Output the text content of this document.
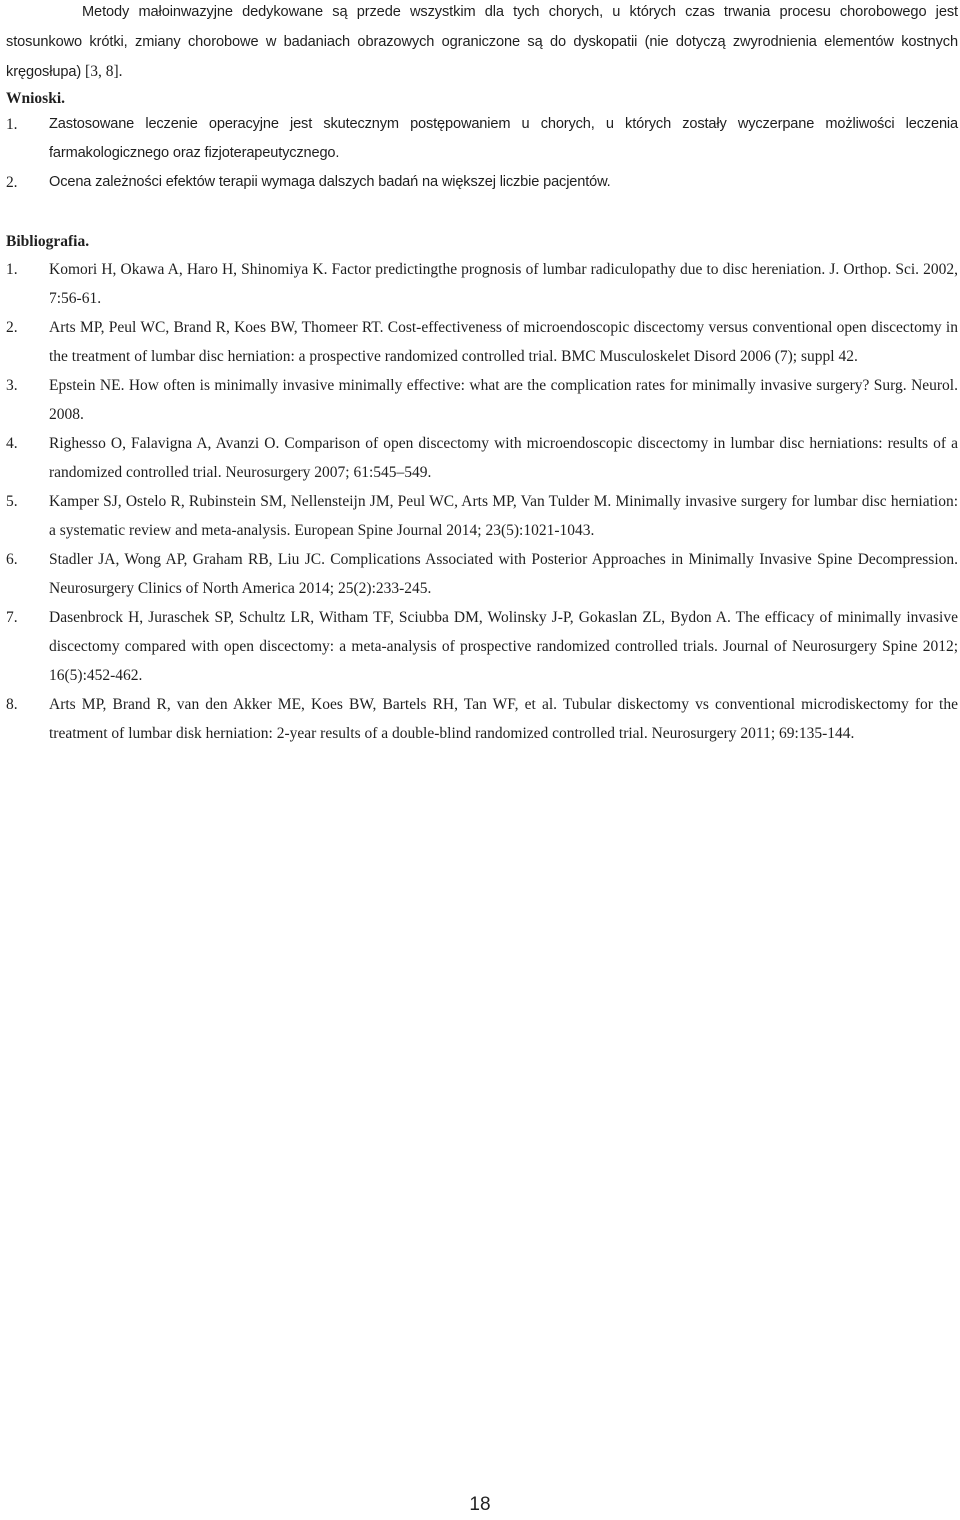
Metody małoinwazyjne dedykowane są przede wszystkim dla tych chorych, u których czas trwania procesu chorobowego jest stosunkowo krótki, zmiany chorobowe w badaniach obrazowych ograniczone są do dyskopatii (nie dotyczą zwyrodnienia elementów kostnych kręgosłupa) [3, 8].
Wnioski.
1.	Zastosowane leczenie operacyjne jest skutecznym postępowaniem u chorych, u których zostały wyczerpane możliwości leczenia farmakologicznego oraz fizjoterapeutycznego.
2.	Ocena zależności efektów terapii wymaga dalszych badań na większej liczbie pacjentów.
Bibliografia.
1.	Komori H, Okawa A, Haro H, Shinomiya K. Factor predictingthe prognosis of lumbar radiculopathy due to disc hereniation. J. Orthop. Sci. 2002, 7:56-61.
2.	Arts MP, Peul WC, Brand R, Koes BW, Thomeer RT. Cost-effectiveness of microendoscopic discectomy versus conventional open discectomy in the treatment of lumbar disc herniation: a prospective randomized controlled trial. BMC Musculoskelet Disord 2006 (7); suppl 42.
3.	Epstein NE. How often is minimally invasive minimally effective: what are the complication rates for minimally invasive surgery? Surg. Neurol. 2008.
4.	Righesso O, Falavigna A, Avanzi O. Comparison of open discectomy with microendoscopic discectomy in lumbar disc herniations: results of a randomized controlled trial. Neurosurgery 2007; 61:545–549.
5.	Kamper SJ, Ostelo R, Rubinstein SM, Nellensteijn JM, Peul WC, Arts MP, Van Tulder M. Minimally invasive surgery for lumbar disc herniation: a systematic review and meta-analysis. European Spine Journal 2014; 23(5):1021-1043.
6.	Stadler JA, Wong AP, Graham RB, Liu JC. Complications Associated with Posterior Approaches in Minimally Invasive Spine Decompression. Neurosurgery Clinics of North America 2014; 25(2):233-245.
7.	Dasenbrock H, Juraschek SP, Schultz LR, Witham TF, Sciubba DM, Wolinsky J-P, Gokaslan ZL, Bydon A. The efficacy of minimally invasive discectomy compared with open discectomy: a meta-analysis of prospective randomized controlled trials. Journal of Neurosurgery Spine 2012; 16(5):452-462.
8.	Arts MP, Brand R, van den Akker ME, Koes BW, Bartels RH, Tan WF, et al. Tubular diskectomy vs conventional microdiskectomy for the treatment of lumbar disk herniation: 2-year results of a double-blind randomized controlled trial. Neurosurgery 2011; 69:135-144.
18
